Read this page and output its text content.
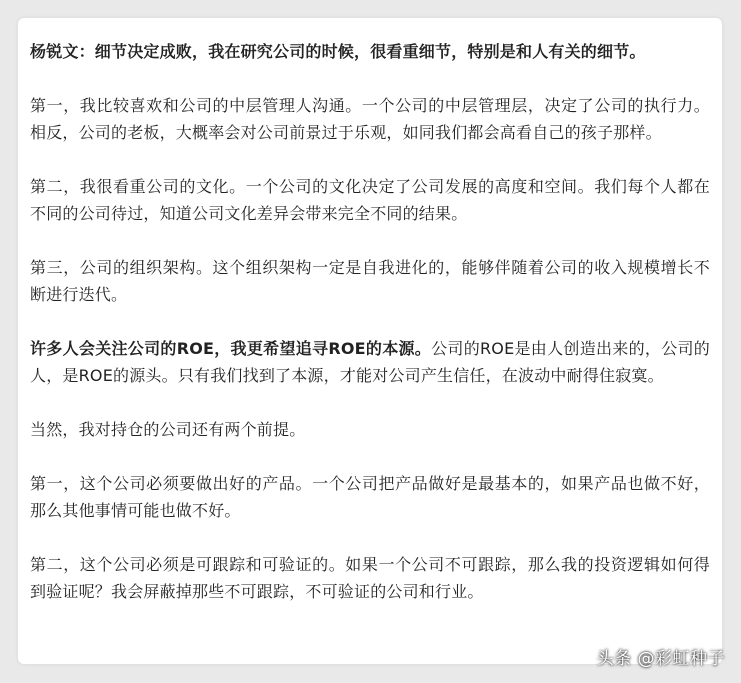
杨锐文：细节决定成败，我在研究公司的时候，很看重细节，特别是和人有关的细节。

第一，我比较喜欢和公司的中层管理人沟通。一个公司的中层管理层，决定了公司的执行力。相反，公司的老板，大概率会对公司前景过于乐观，如同我们都会高看自己的孩子那样。

第二，我很看重公司的文化。一个公司的文化决定了公司发展的高度和空间。我们每个人都在不同的公司待过，知道公司文化差异会带来完全不同的结果。

第三，公司的组织架构。这个组织架构一定是自我进化的，能够伴随着公司的收入规模增长不断进行迭代。

许多人会关注公司的ROE，我更希望追寻ROE的本源。公司的ROE是由人创造出来的，公司的人，是ROE的源头。只有我们找到了本源，才能对公司产生信任，在波动中耐得住寂寞。

当然，我对持仓的公司还有两个前提。

第一，这个公司必须要做出好的产品。一个公司把产品做好是最基本的，如果产品也做不好，那么其他事情可能也做不好。

第二，这个公司必须是可跟踪和可验证的。如果一个公司不可跟踪，那么我的投资逻辑如何得到验证呢？我会屏蔽掉那些不可跟踪，不可验证的公司和行业。

头条 @彩虹种子
